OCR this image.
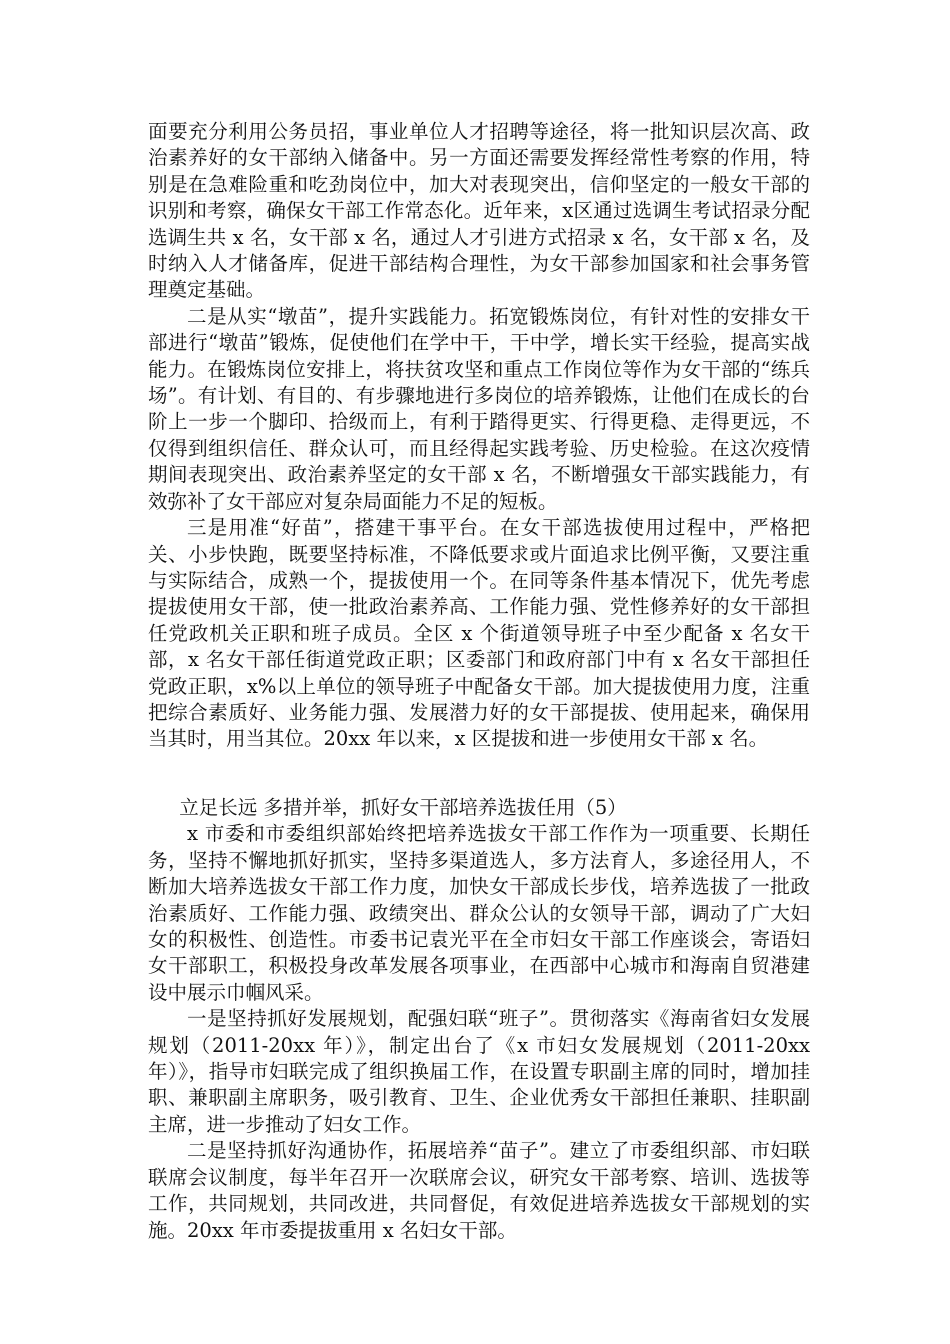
面要充分利用公务员招，事业单位人才招聘等途径，将一批知识层次高、政治素养好的女干部纳入储备中。另一方面还需要发挥经常性考察的作用，特别是在急难险重和吃劲岗位中，加大对表现突出，信仰坚定的一般女干部的识别和考察，确保女干部工作常态化。近年来，x区通过选调生考试招录分配选调生共 x 名，女干部 x 名，通过人才引进方式招录 x 名，女干部 x 名，及时纳入人才储备库，促进干部结构合理性，为女干部参加国家和社会事务管理奠定基础。

二是从实“墩苗”，提升实践能力。拓宽锻炼岗位，有针对性的安排女干部进行“墩苗”锻炼，促使他们在学中干，干中学，增长实干经验，提高实战能力。在锻炼岗位安排上，将扶贫攻坚和重点工作岗位等作为女干部的“练兵场”。有计划、有目的、有步骤地进行多岗位的培养锻炼，让他们在成长的台阶上一步一个脚印、拾级而上，有利于踏得更实、行得更稳、走得更远，不仅得到组织信任、群众认可，而且经得起实践考验、历史检验。在这次疫情期间表现突出、政治素养坚定的女干部 x 名，不断增强女干部实践能力，有效弥补了女干部应对复杂局面能力不足的短板。

三是用准“好苗”，搭建干事平台。在女干部选拔使用过程中，严格把关、小步快跑，既要坚持标准，不降低要求或片面追求比例平衡，又要注重与实际结合，成熟一个，提拔使用一个。在同等条件基本情况下，优先考虑提拔使用女干部，使一批政治素养高、工作能力强、党性修养好的女干部担任党政机关正职和班子成员。全区 x 个街道领导班子中至少配备 x 名女干部，x 名女干部任街道党政正职；区委部门和政府部门中有 x 名女干部担任党政正职，x%以上单位的领导班子中配备女干部。加大提拔使用力度，注重把综合素质好、业务能力强、发展潜力好的女干部提拔、使用起来，确保用当其时，用当其位。20xx 年以来，x 区提拔和进一步使用女干部 x 名。

立足长远 多措并举，抓好女干部培养选拔任用（5）

x 市委和市委组织部始终把培养选拔女干部工作作为一项重要、长期任务，坚持不懈地抓好抓实，坚持多渠道选人，多方法育人，多途径用人，不断加大培养选拔女干部工作力度，加快女干部成长步伐，培养选拔了一批政治素质好、工作能力强、政绩突出、群众公认的女领导干部，调动了广大妇女的积极性、创造性。市委书记袁光平在全市妇女干部工作座谈会，寄语妇女干部职工，积极投身改革发展各项事业，在西部中心城市和海南自贸港建设中展示巾帼风采。

一是坚持抓好发展规划，配强妇联“班子”。贯彻落实《海南省妇女发展规划（2011-20xx 年）》，制定出台了《x 市妇女发展规划（2011-20xx 年）》，指导市妇联完成了组织换届工作，在设置专职副主席的同时，增加挂职、兼职副主席职务，吸引教育、卫生、企业优秀女干部担任兼职、挂职副主席，进一步推动了妇女工作。

二是坚持抓好沟通协作，拓展培养“苗子”。建立了市委组织部、市妇联联席会议制度，每半年召开一次联席会议，研究女干部考察、培训、选拔等工作，共同规划，共同改进，共同督促，有效促进培养选拔女干部规划的实施。20xx 年市委提拔重用 x 名妇女干部。
